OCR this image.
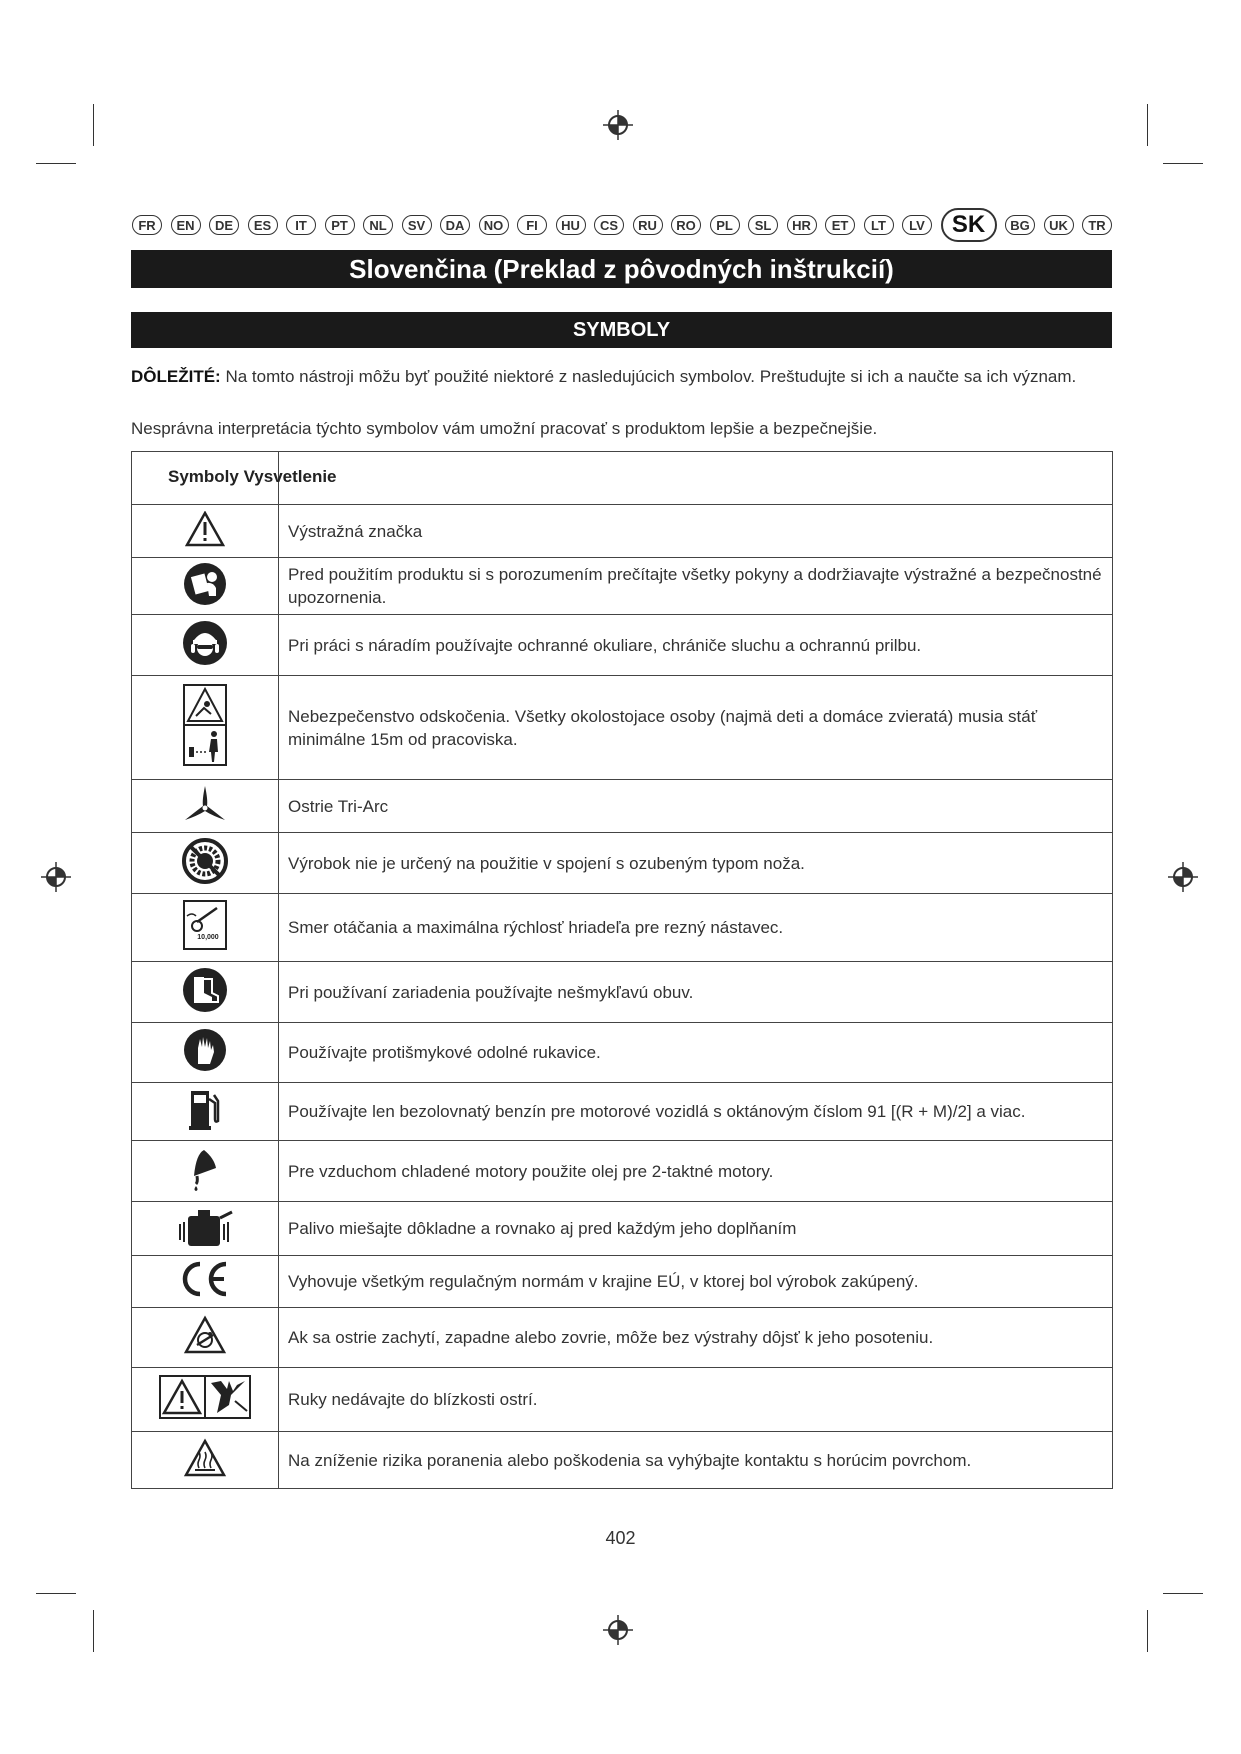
FR	EN	DE	ES	IT	PT	NL	SV	DA	NO	FI	HU	CS	RU	RO	PL	SL	HR	ET	LT	LV	SK	BG	UK	TR
Slovenčina (Preklad z pôvodných inštrukcií)
SYMBOLY
DÔLEŽITÉ: Na tomto nástroji môžu byť použité niektoré z nasledujúcich symbolov. Preštudujte si ich a naučte sa ich význam.
Nesprávna interpretácia týchto symbolov vám umožní pracovať s produktom lepšie a bezpečnejšie.
Symboly Vysvetlenie	

	Výstražná značka
	Pred použitím produktu si s porozumením prečítajte všetky pokyny a dodržiavajte výstražné a bezpečnostné upozornenia.
	Pri práci s náradím používajte ochranné okuliare, chrániče sluchu a ochrannú prilbu.
	Nebezpečenstvo odskočenia. Všetky okolostojace osoby (najmä deti a domáce zvieratá) musia stáť minimálne 15m od pracoviska.
	Ostrie Tri-Arc
	Výrobok nie je určený na použitie v spojení s ozubeným typom noža.

10,000	Smer otáčania a maximálna rýchlosť hriadeľa pre rezný nástavec.
	Pri používaní zariadenia používajte nešmykľavú obuv.
	Používajte protišmykové odolné rukavice.
	Používajte len bezolovnatý benzín pre motorové vozidlá s oktánovým číslom 91 [(R + M)/2] a viac.
	Pre vzduchom chladené motory použite olej pre 2-taktné motory.
	Palivo miešajte dôkladne a rovnako aj pred každým jeho doplňaním
	Vyhovuje všetkým regulačným normám v krajine EÚ, v ktorej bol výrobok zakúpený.
	Ak sa ostrie zachytí, zapadne alebo zovrie, môže bez výstrahy dôjsť k jeho posoteniu.
	Ruky nedávajte do blízkosti ostrí.
	Na zníženie rizika poranenia alebo poškodenia sa vyhýbajte kontaktu s horúcim povrchom.
402
